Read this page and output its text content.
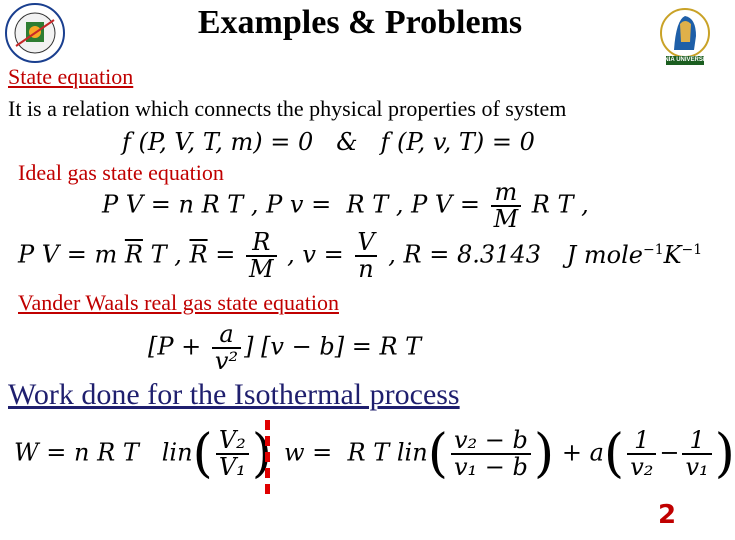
MINIA UNIVERSITY
Examples & Problems
State equation
It is a relation which connects the physical properties of system
f (P, V, T, m) = 0   &   f (P, v, T) = 0
Ideal gas state equation
P V = n R T , P v =  R T , P $V = \frac{m}{M}$ R T ,
P V = m $\overline{R}$ T , $\overline{R} = \frac{R}{M}$ , $v = \frac{V}{n}$ , R = 8.3143 J $mole^{-1}K^{-1}$
Vander Waals real gas state equation
[$P + \frac{a}{\text{v²}}$ ] [v − b] = R T
Work done for the Isothermal process
W = n R T   $lin( \frac{\text{V₂}}{\text{V₁}}$ ) w =  R T $lin( \frac{\text{v₂ − b}}{\text{v₁ − b}}$ ) + $a( \frac{1}{\text{v₂}} - \frac{1}{\text{v₁}}$ )
2
